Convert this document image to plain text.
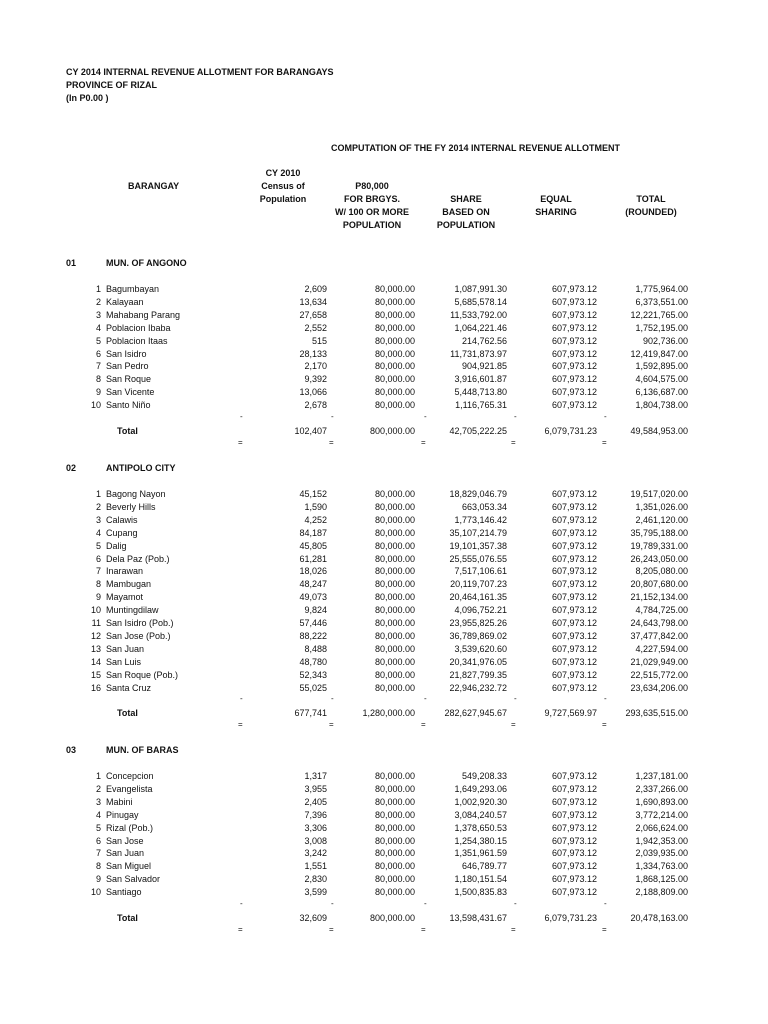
CY 2014 INTERNAL REVENUE ALLOTMENT FOR BARANGAYS
PROVINCE OF RIZAL
(In P0.00 )
COMPUTATION OF THE FY 2014 INTERNAL REVENUE ALLOTMENT
BARANGAY
CY 2010
Census of
Population
P80,000
FOR BRGYS.
W/ 100 OR MORE
POPULATION
SHARE
BASED ON
POPULATION
EQUAL
SHARING
TOTAL
(ROUNDED)
01	MUN. OF ANGONO
1 Bagumbayan	2,609	80,000.00	1,087,991.30	607,973.12	1,775,964.00
2 Kalayaan	13,634	80,000.00	5,685,578.14	607,973.12	6,373,551.00
3 Mahabang Parang	27,658	80,000.00	11,533,792.00	607,973.12	12,221,765.00
4 Poblacion Ibaba	2,552	80,000.00	1,064,221.46	607,973.12	1,752,195.00
5 Poblacion Itaas	515	80,000.00	214,762.56	607,973.12	902,736.00
6 San Isidro	28,133	80,000.00	11,731,873.97	607,973.12	12,419,847.00
7 San Pedro	2,170	80,000.00	904,921.85	607,973.12	1,592,895.00
8 San Roque	9,392	80,000.00	3,916,601.87	607,973.12	4,604,575.00
9 San Vicente	13,066	80,000.00	5,448,713.80	607,973.12	6,136,687.00
10 Santo Niño	2,678	80,000.00	1,116,765.31	607,973.12	1,804,738.00
-	-	-	-	-
Total	102,407	800,000.00	42,705,222.25	6,079,731.23	49,584,953.00
=	=	=	=	=
02	ANTIPOLO CITY
1 Bagong Nayon	45,152	80,000.00	18,829,046.79	607,973.12	19,517,020.00
2 Beverly Hills	1,590	80,000.00	663,053.34	607,973.12	1,351,026.00
3 Calawis	4,252	80,000.00	1,773,146.42	607,973.12	2,461,120.00
4 Cupang	84,187	80,000.00	35,107,214.79	607,973.12	35,795,188.00
5 Dalig	45,805	80,000.00	19,101,357.38	607,973.12	19,789,331.00
6 Dela Paz (Pob.)	61,281	80,000.00	25,555,076.55	607,973.12	26,243,050.00
7 Inarawan	18,026	80,000.00	7,517,106.61	607,973.12	8,205,080.00
8 Mambugan	48,247	80,000.00	20,119,707.23	607,973.12	20,807,680.00
9 Mayamot	49,073	80,000.00	20,464,161.35	607,973.12	21,152,134.00
10 Muntingdilaw	9,824	80,000.00	4,096,752.21	607,973.12	4,784,725.00
11 San Isidro (Pob.)	57,446	80,000.00	23,955,825.26	607,973.12	24,643,798.00
12 San Jose (Pob.)	88,222	80,000.00	36,789,869.02	607,973.12	37,477,842.00
13 San Juan	8,488	80,000.00	3,539,620.60	607,973.12	4,227,594.00
14 San Luis	48,780	80,000.00	20,341,976.05	607,973.12	21,029,949.00
15 San Roque (Pob.)	52,343	80,000.00	21,827,799.35	607,973.12	22,515,772.00
16 Santa Cruz	55,025	80,000.00	22,946,232.72	607,973.12	23,634,206.00
-	-	-	-	-
Total	677,741	1,280,000.00	282,627,945.67	9,727,569.97	293,635,515.00
=	=	=	=	=
03	MUN. OF BARAS
1 Concepcion	1,317	80,000.00	549,208.33	607,973.12	1,237,181.00
2 Evangelista	3,955	80,000.00	1,649,293.06	607,973.12	2,337,266.00
3 Mabini	2,405	80,000.00	1,002,920.30	607,973.12	1,690,893.00
4 Pinugay	7,396	80,000.00	3,084,240.57	607,973.12	3,772,214.00
5 Rizal (Pob.)	3,306	80,000.00	1,378,650.53	607,973.12	2,066,624.00
6 San Jose	3,008	80,000.00	1,254,380.15	607,973.12	1,942,353.00
7 San Juan	3,242	80,000.00	1,351,961.59	607,973.12	2,039,935.00
8 San Miguel	1,551	80,000.00	646,789.77	607,973.12	1,334,763.00
9 San Salvador	2,830	80,000.00	1,180,151.54	607,973.12	1,868,125.00
10 Santiago	3,599	80,000.00	1,500,835.83	607,973.12	2,188,809.00
-	-	-	-	-
Total	32,609	800,000.00	13,598,431.67	6,079,731.23	20,478,163.00
=	=	=	=	=
